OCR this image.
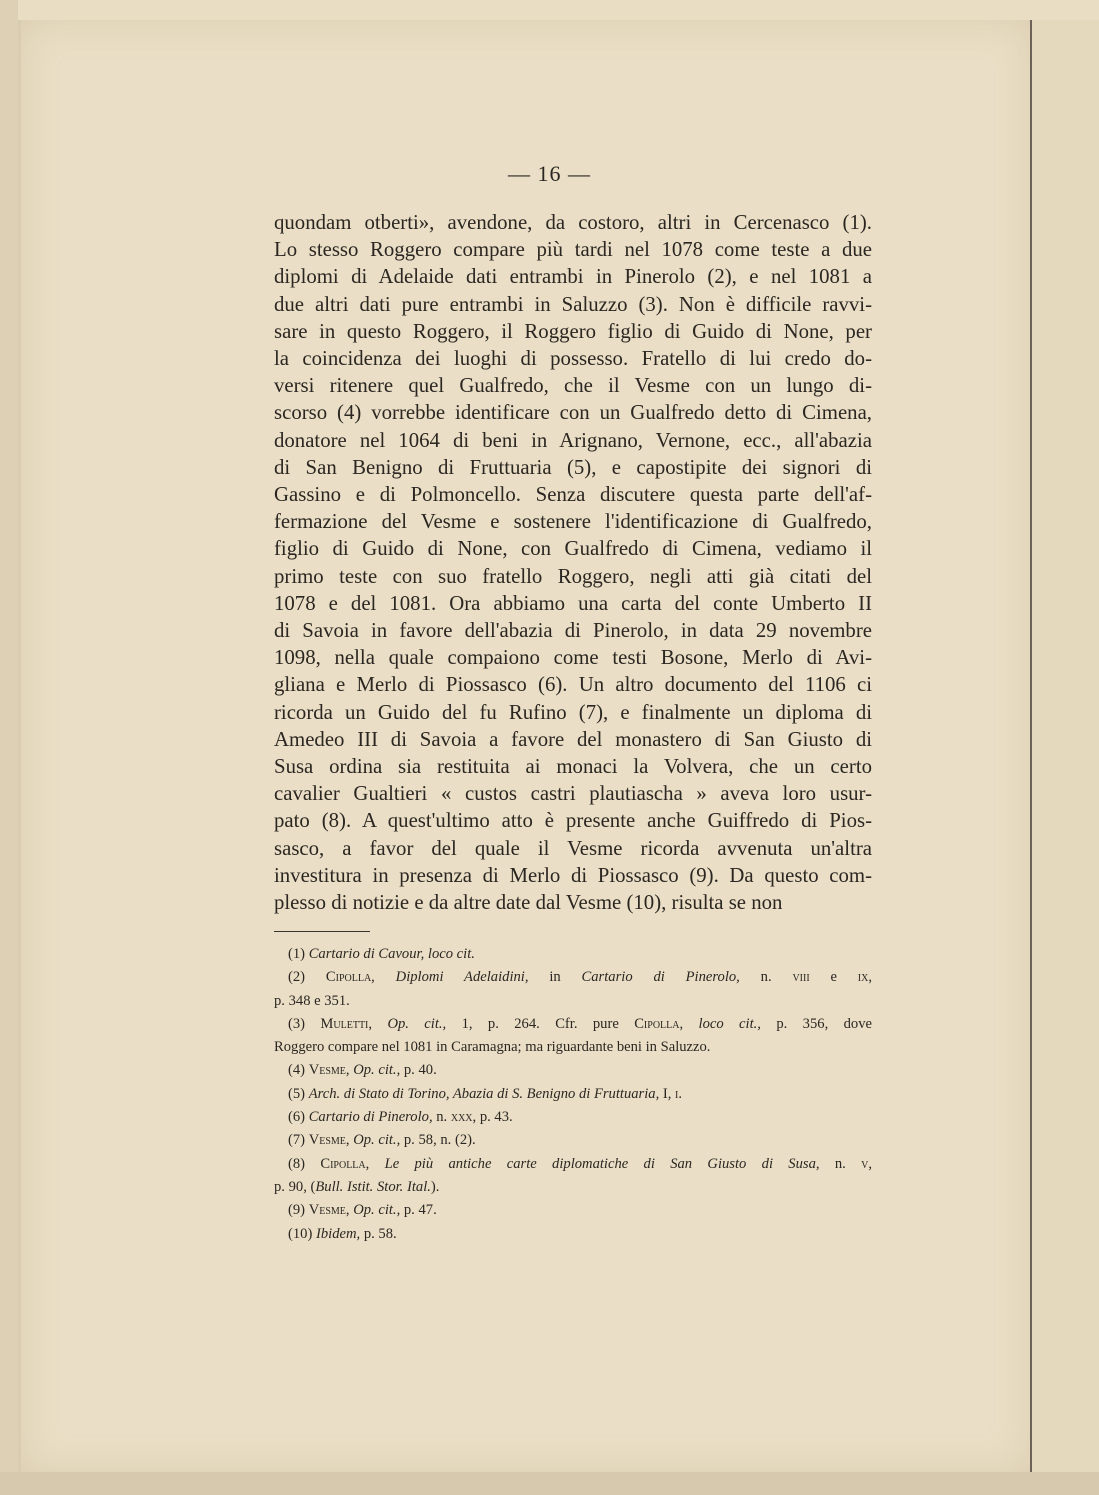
— 16 —
quondam otberti», avendone, da costoro, altri in Cercenasco (1).
Lo stesso Roggero compare più tardi nel 1078 come teste a due
diplomi di Adelaide dati entrambi in Pinerolo (2), e nel 1081 a
due altri dati pure entrambi in Saluzzo (3). Non è difficile ravvi-
sare in questo Roggero, il Roggero figlio di Guido di None, per
la coincidenza dei luoghi di possesso. Fratello di lui credo do-
versi ritenere quel Gualfredo, che il Vesme con un lungo di-
scorso (4) vorrebbe identificare con un Gualfredo detto di Cimena,
donatore nel 1064 di beni in Arignano, Vernone, ecc., all'abazia
di San Benigno di Fruttuaria (5), e capostipite dei signori di
Gassino e di Polmoncello. Senza discutere questa parte dell'af-
fermazione del Vesme e sostenere l'identificazione di Gualfredo,
figlio di Guido di None, con Gualfredo di Cimena, vediamo il
primo teste con suo fratello Roggero, negli atti già citati del
1078 e del 1081. Ora abbiamo una carta del conte Umberto II
di Savoia in favore dell'abazia di Pinerolo, in data 29 novembre
1098, nella quale compaiono come testi Bosone, Merlo di Avi-
gliana e Merlo di Piossasco (6). Un altro documento del 1106 ci
ricorda un Guido del fu Rufino (7), e finalmente un diploma di
Amedeo III di Savoia a favore del monastero di San Giusto di
Susa ordina sia restituita ai monaci la Volvera, che un certo
cavalier Gualtieri « custos castri plautiascha » aveva loro usur-
pato (8). A quest'ultimo atto è presente anche Guiffredo di Pios-
sasco, a favor del quale il Vesme ricorda avvenuta un'altra
investitura in presenza di Merlo di Piossasco (9). Da questo com-
plesso di notizie e da altre date dal Vesme (10), risulta se non
(1) Cartario di Cavour, loco cit.
(2) Cipolla, Diplomi Adelaidini, in Cartario di Pinerolo, n. viii e ix,
p. 348 e 351.
(3) Muletti, Op. cit., 1, p. 264. Cfr. pure Cipolla, loco cit., p. 356, dove
Roggero compare nel 1081 in Caramagna; ma riguardante beni in Saluzzo.
(4) Vesme, Op. cit., p. 40.
(5) Arch. di Stato di Torino, Abazia di S. Benigno di Fruttuaria, I, i.
(6) Cartario di Pinerolo, n. xxx, p. 43.
(7) Vesme, Op. cit., p. 58, n. (2).
(8) Cipolla, Le più antiche carte diplomatiche di San Giusto di Susa, n. v,
p. 90, (Bull. Istit. Stor. Ital.).
(9) Vesme, Op. cit., p. 47.
(10) Ibidem, p. 58.
